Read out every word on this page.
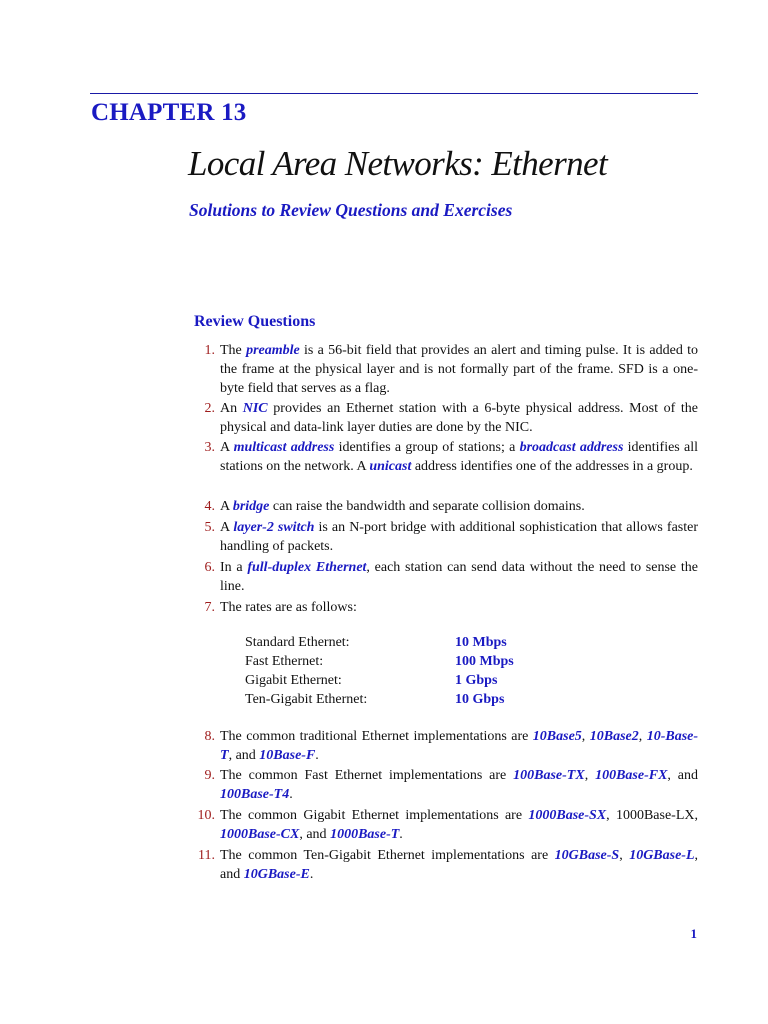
CHAPTER 13
Local Area Networks: Ethernet
Solutions to Review Questions and Exercises
Review Questions
1. The preamble is a 56-bit field that provides an alert and timing pulse. It is added to the frame at the physical layer and is not formally part of the frame. SFD is a one-byte field that serves as a flag.
2. An NIC provides an Ethernet station with a 6-byte physical address. Most of the physical and data-link layer duties are done by the NIC.
3. A multicast address identifies a group of stations; a broadcast address identifies all stations on the network. A unicast address identifies one of the addresses in a group.
4. A bridge can raise the bandwidth and separate collision domains.
5. A layer-2 switch is an N-port bridge with additional sophistication that allows faster handling of packets.
6. In a full-duplex Ethernet, each station can send data without the need to sense the line.
7. The rates are as follows:
8. The common traditional Ethernet implementations are 10Base5, 10Base2, 10-Base-T, and 10Base-F.
9. The common Fast Ethernet implementations are 100Base-TX, 100Base-FX, and 100Base-T4.
10. The common Gigabit Ethernet implementations are 1000Base-SX, 1000Base-LX, 1000Base-CX, and 1000Base-T.
11. The common Ten-Gigabit Ethernet implementations are 10GBase-S, 10GBase-L, and 10GBase-E.
Standard Ethernet:	10 Mbps
Fast Ethernet:	100 Mbps
Gigabit Ethernet:	1 Gbps
Ten-Gigabit Ethernet:	10 Gbps
1
